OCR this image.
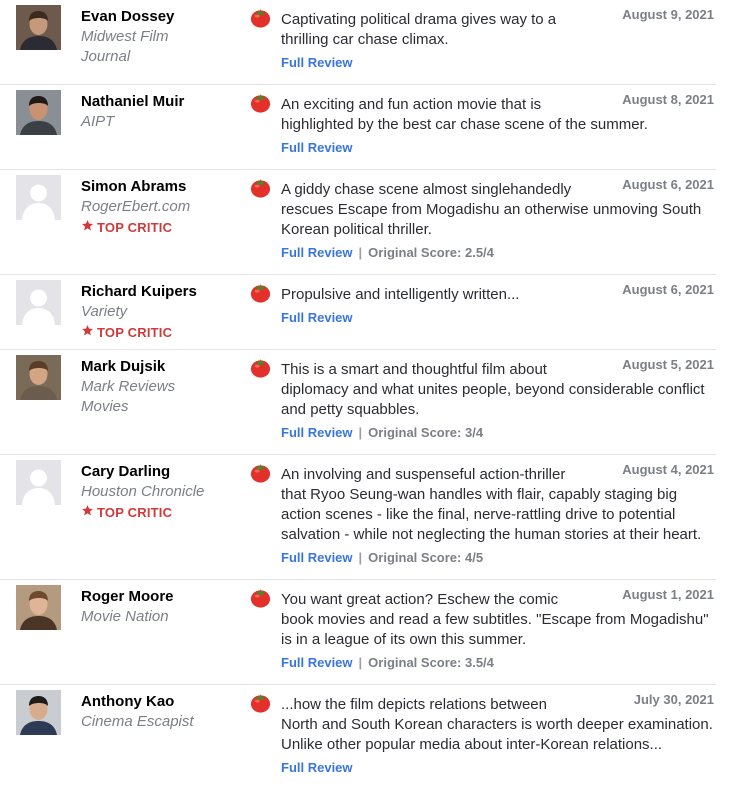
Evan Dossey
Midwest Film
Journal
Captivating political drama gives way to a
thrilling car chase climax.
Full Review
August 9, 2021
Nathaniel Muir
AIPT
An exciting and fun action movie that is
highlighted by the best car chase scene of the summer.
Full Review
August 8, 2021
Simon Abrams
RogerEbert.com
TOP CRITIC
A giddy chase scene almost singlehandedly
rescues Escape from Mogadishu an otherwise unmoving South Korean political thriller.
Full Review | Original Score: 2.5/4
August 6, 2021
Richard Kuipers
Variety
TOP CRITIC
Propulsive and intelligently written...
Full Review
August 6, 2021
Mark Dujsik
Mark Reviews
Movies
This is a smart and thoughtful film about
diplomacy and what unites people, beyond considerable conflict and petty squabbles.
Full Review | Original Score: 3/4
August 5, 2021
Cary Darling
Houston Chronicle
TOP CRITIC
An involving and suspenseful action-thriller
that Ryoo Seung-wan handles with flair, capably staging big action scenes - like the final, nerve-rattling drive to potential salvation - while not neglecting the human stories at their heart.
Full Review | Original Score: 4/5
August 4, 2021
Roger Moore
Movie Nation
You want great action? Eschew the comic
book movies and read a few subtitles. "Escape from Mogadishu" is in a league of its own this summer.
Full Review | Original Score: 3.5/4
August 1, 2021
Anthony Kao
Cinema Escapist
...how the film depicts relations between
North and South Korean characters is worth deeper examination. Unlike other popular media about inter-Korean relations...
Full Review
July 30, 2021
